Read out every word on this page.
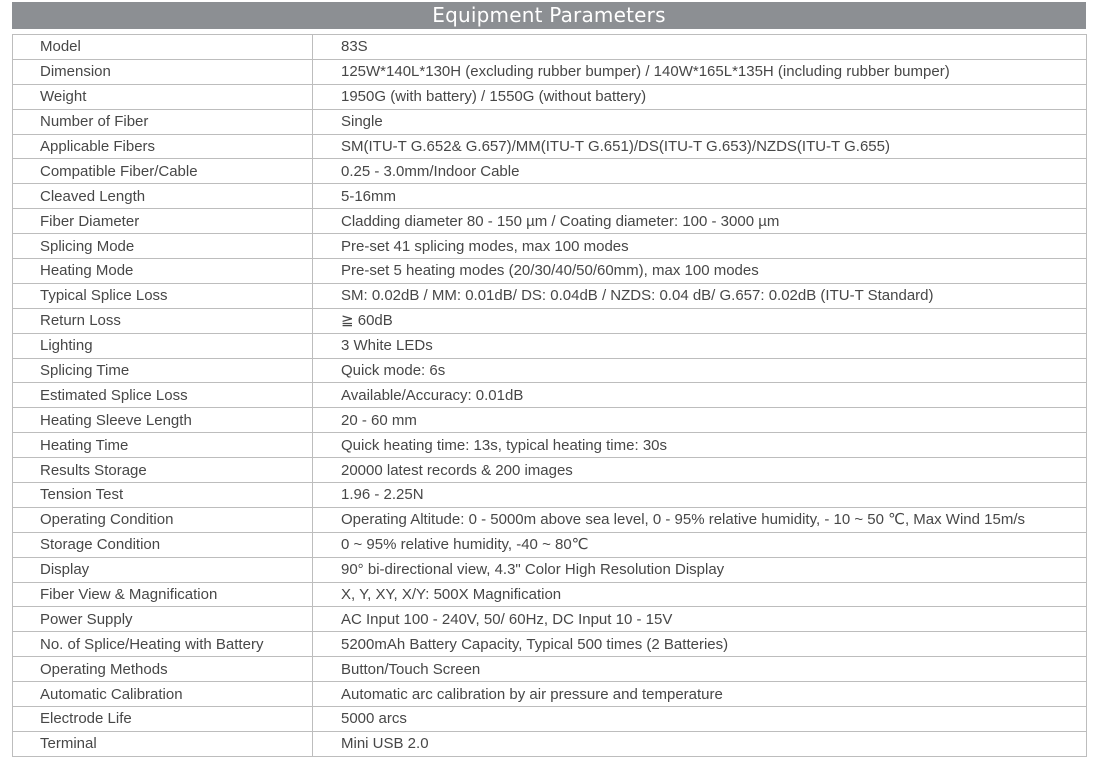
Equipment Parameters
Model	83S
Dimension	125W*140L*130H (excluding rubber bumper) / 140W*165L*135H (including rubber bumper)
Weight	1950G (with battery) / 1550G (without battery)
Number of Fiber	Single
Applicable Fibers	SM(ITU-T G.652& G.657)/MM(ITU-T G.651)/DS(ITU-T G.653)/NZDS(ITU-T G.655)
Compatible Fiber/Cable	0.25 - 3.0mm/Indoor Cable
Cleaved Length	5-16mm
Fiber Diameter	Cladding diameter 80 - 150 µm / Coating diameter: 100 - 3000 µm
Splicing Mode	Pre-set 41 splicing modes, max 100 modes
Heating Mode	Pre-set 5 heating modes (20/30/40/50/60mm), max 100 modes
Typical Splice Loss	SM: 0.02dB / MM: 0.01dB/ DS: 0.04dB / NZDS: 0.04 dB/ G.657: 0.02dB (ITU-T Standard)
Return Loss	≧ 60dB
Lighting	3 White LEDs
Splicing Time	Quick mode: 6s
Estimated Splice Loss	Available/Accuracy: 0.01dB
Heating Sleeve Length	20 - 60 mm
Heating Time	Quick heating time: 13s, typical heating time: 30s
Results Storage	20000 latest records & 200 images
Tension Test	1.96 - 2.25N
Operating Condition	Operating Altitude: 0 - 5000m above sea level, 0 - 95% relative humidity, - 10 ~ 50 ℃, Max Wind 15m/s
Storage Condition	0 ~ 95% relative humidity, -40 ~ 80℃
Display	90° bi-directional view, 4.3" Color High Resolution Display
Fiber View & Magnification	X, Y, XY, X/Y: 500X Magnification
Power Supply	AC Input 100 - 240V, 50/ 60Hz, DC Input 10 - 15V
No. of Splice/Heating with Battery	5200mAh Battery Capacity, Typical 500 times (2 Batteries)
Operating Methods	Button/Touch Screen
Automatic Calibration	Automatic arc calibration by air pressure and temperature
Electrode Life	5000 arcs
Terminal	Mini USB 2.0
